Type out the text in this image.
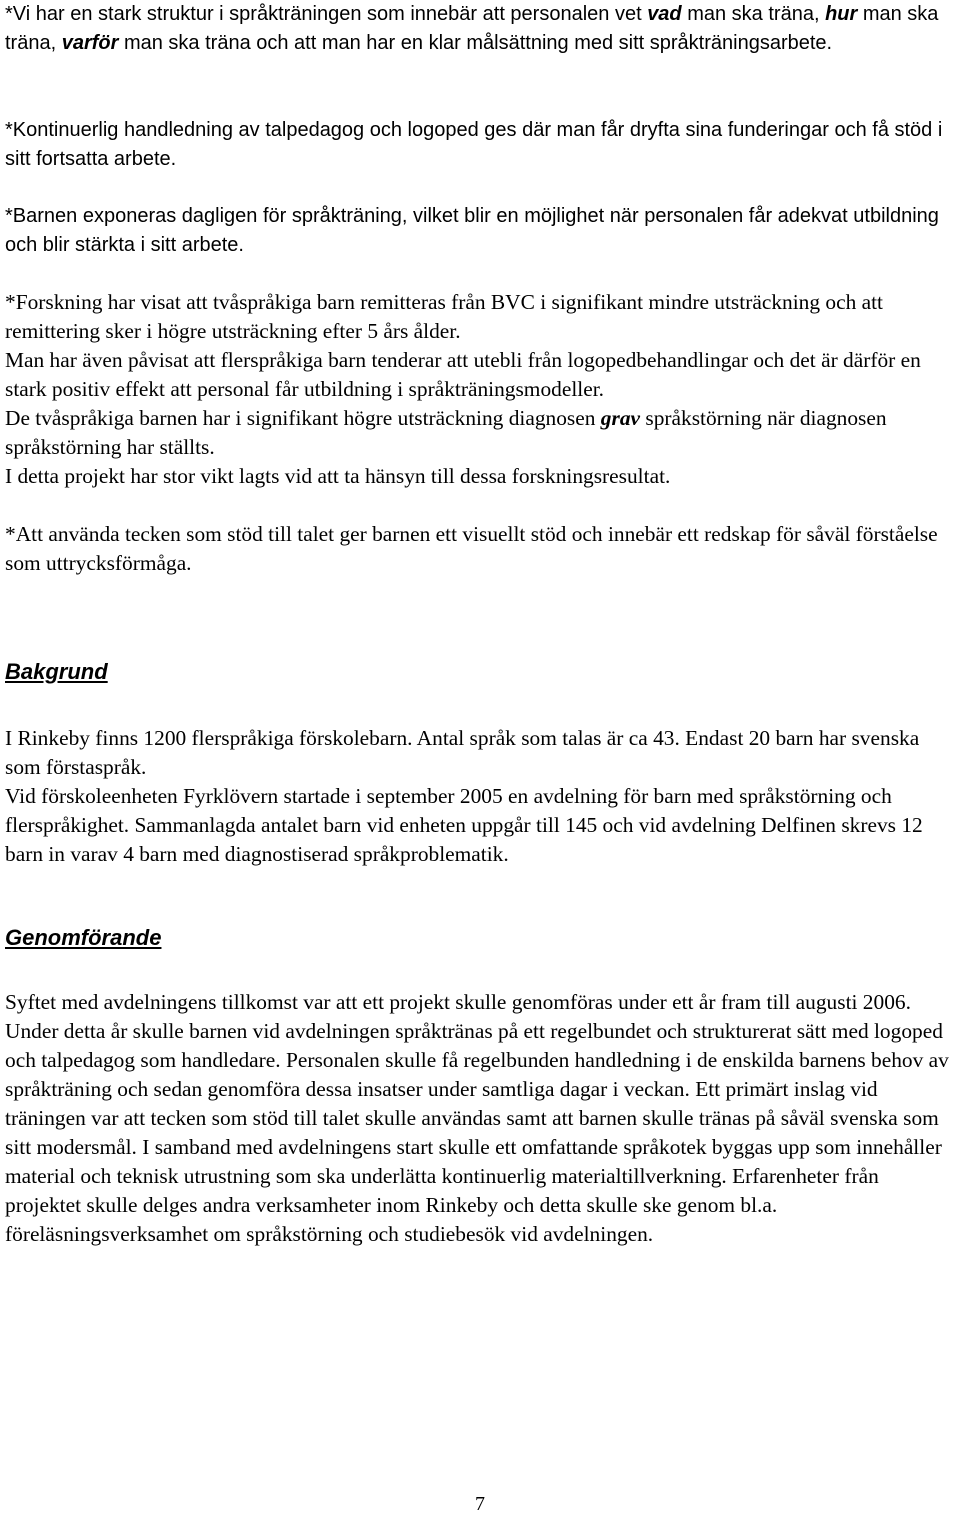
*Vi har en stark struktur i språkträningen som innebär att personalen vet vad man ska träna, hur man ska träna, varför man ska träna och att man har en klar målsättning med sitt språkträningsarbete.

*Kontinuerlig handledning av talpedagog och logoped ges där man får dryfta sina funderingar och få stöd i sitt fortsatta arbete.

*Barnen exponeras dagligen för språkträning, vilket blir en möjlighet när personalen får adekvat utbildning och blir stärkta i sitt arbete.

*Forskning har visat att tvåspråkiga barn remitteras från BVC i signifikant mindre utsträckning och att remittering sker i högre utsträckning efter 5 års ålder.
Man har även påvisat att flerspråkiga barn tenderar att utebli från logopedbehandlingar och det är därför en stark positiv effekt att personal får utbildning i språkträningsmodeller.
De tvåspråkiga barnen har i signifikant högre utsträckning diagnosen grav språkstörning när diagnosen språkstörning har ställts.
I detta projekt har stor vikt lagts vid att ta hänsyn till dessa forskningsresultat.

*Att använda tecken som stöd till talet ger barnen ett visuellt stöd och innebär ett redskap för såväl förståelse som uttrycksförmåga.

Bakgrund
I Rinkeby finns 1200 flerspråkiga förskolebarn. Antal språk som talas är ca 43. Endast 20 barn har svenska som förstaspråk.
Vid förskoleenheten Fyrklövern startade i september 2005 en avdelning för barn med språkstörning och flerspråkighet. Sammanlagda antalet barn vid enheten uppgår till 145 och vid avdelning Delfinen skrevs 12 barn in varav 4 barn med diagnostiserad språkproblematik.
Genomförande

Syftet med avdelningens tillkomst var att ett projekt skulle genomföras under ett år fram till augusti 2006. Under detta år skulle barnen vid avdelningen språktränas på ett regelbundet och strukturerat sätt med logoped och talpedagog som handledare. Personalen skulle få regelbunden handledning i de enskilda barnens behov av språkträning och sedan genomföra dessa insatser under samtliga dagar i veckan. Ett primärt inslag vid träningen var att tecken som stöd till talet skulle användas samt att barnen skulle tränas på såväl svenska som sitt modersmål. I samband med avdelningens start skulle ett omfattande språkotek byggas upp som innehåller material och teknisk utrustning som ska underlätta kontinuerlig materialtillverkning. Erfarenheter från projektet skulle delges andra verksamheter inom Rinkeby och detta skulle ske genom bl.a. föreläsningsverksamhet om språkstörning och studiebesök vid avdelningen.

7
